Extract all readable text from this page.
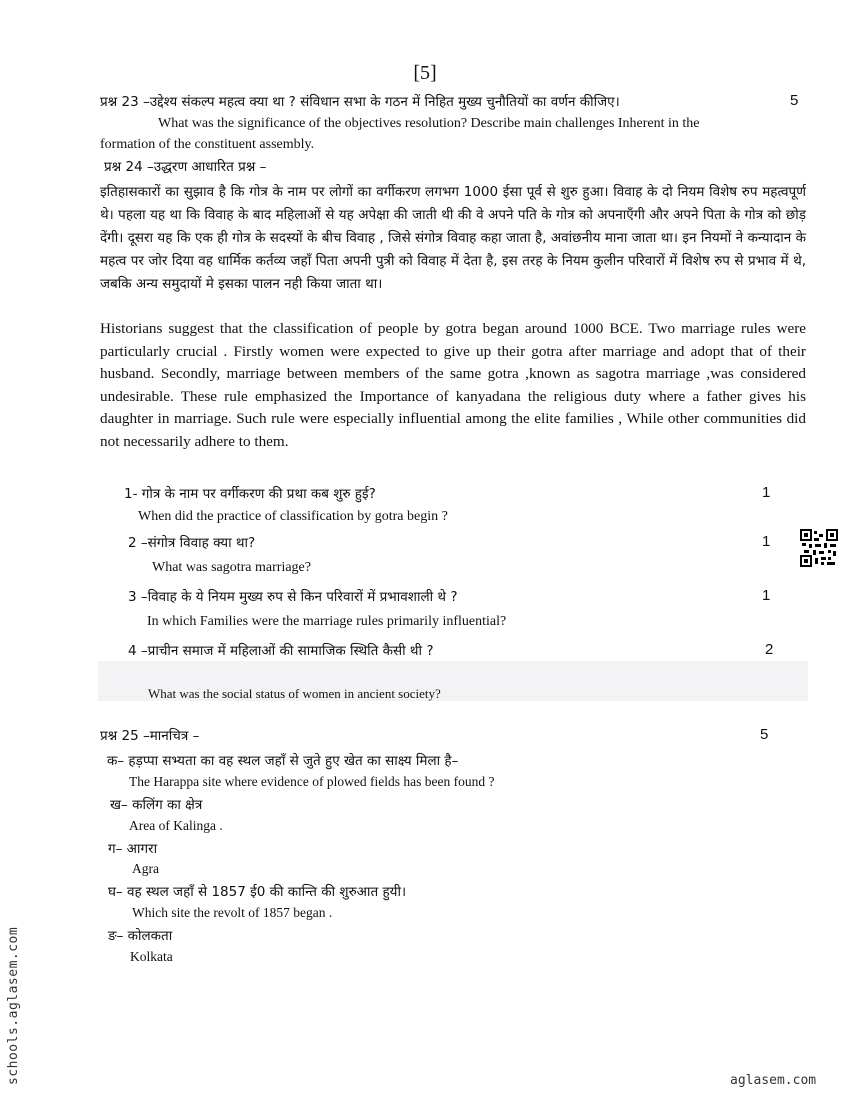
[5]
प्रश्न 23 –उद्देश्य संकल्प महत्व क्या था ? संविधान सभा के गठन में निहित मुख्य चुनौतियों का वर्णन कीजिए।	5
What was the significance of the objectives resolution? Describe main challenges Inherent in the
formation of the constituent assembly.
प्रश्न 24 –उद्धरण आधारित प्रश्न –
इतिहासकारों का सुझाव है कि गोत्र के नाम पर लोगों का वर्गीकरण लगभग 1000 ईसा पूर्व से शुरु हुआ। विवाह के दो नियम विशेष रुप महत्वपूर्ण थे। पहला यह था कि विवाह के बाद महिलाओं से यह अपेक्षा की जाती थी की वे अपने पति के गोत्र को अपनाएँगी और अपने पिता के गोत्र को छोड़ देंगी। दूसरा यह कि एक ही गोत्र के सदस्यों के बीच विवाह , जिसे संगोत्र विवाह कहा जाता है, अवांछनीय माना जाता था। इन नियमों ने कन्यादान के महत्व पर जोर दिया वह धार्मिक कर्तव्य जहाँ पिता अपनी पुत्री को विवाह में देता है, इस तरह के नियम कुलीन परिवारों में विशेष रुप से प्रभाव में थे, जबकि अन्य समुदायों मे इसका पालन नही किया जाता था।
Historians suggest that the classification of people by gotra began around 1000 BCE. Two marriage rules were particularly crucial . Firstly women were expected to give up their gotra after marriage and adopt that of their husband. Secondly, marriage between members of the same gotra ,known as sagotra marriage ,was considered undesirable. These rule emphasized the Importance of kanyadana the religious duty where a father gives his daughter in marriage. Such rule were especially influential among the elite families , While other communities did not necessarily adhere to them.
1- गोत्र के नाम पर वर्गीकरण की प्रथा कब शुरु हुई?	1
When did the practice of classification by gotra begin ?
2 –संगोत्र विवाह क्या था?	1
What was sagotra marriage?
3 –विवाह के ये नियम मुख्य रुप से किन परिवारों में प्रभावशाली थे ?	1
In which Families were the marriage rules primarily influential?
4 –प्राचीन समाज में महिलाओं की सामाजिक स्थिति कैसी थी ?	2
What was the social status of women in ancient society?
प्रश्न 25 –मानचित्र –	5
क– हड़प्पा सभ्यता का वह स्थल जहाँ से जुते हुए खेत का साक्ष्य मिला है–
The Harappa site where evidence of plowed fields has been found ?
ख– कलिंग का क्षेत्र
Area of Kalinga .
ग– आगरा
Agra
घ– वह स्थल जहाँ से 1857 ई0 की कान्ति की शुरुआत हुयी।
Which site the revolt of 1857 began .
ङ– कोलकता
Kolkata
schools.aglasem.com	aglasem.com
